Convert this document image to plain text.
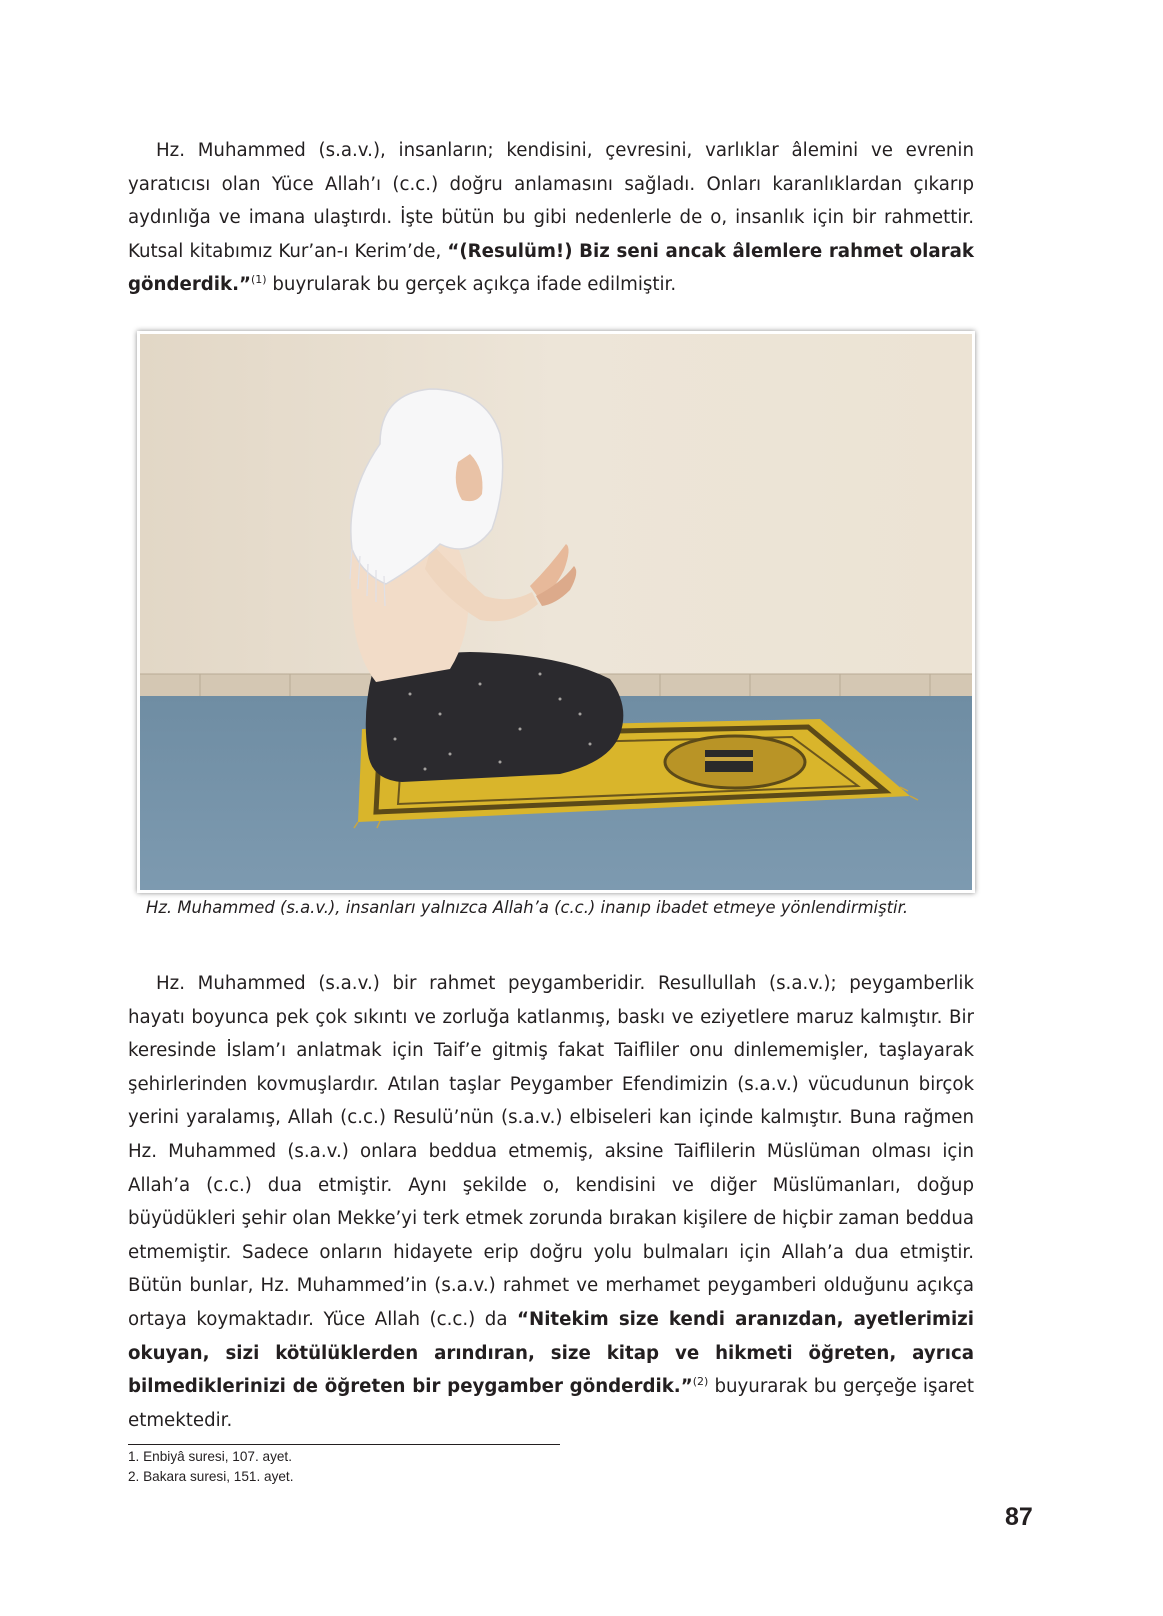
Hz. Muhammed (s.a.v.), insanların; kendisini, çevresini, varlıklar âlemini ve evrenin yaratıcısı olan Yüce Allah’ı (c.c.) doğru anlamasını sağladı. Onları karanlıklardan çıkarıp aydınlığa ve imana ulaştırdı. İşte bütün bu gibi nedenlerle de o, insanlık için bir rahmettir. Kutsal kitabımız Kur’an-ı Kerim’de, “(Resulüm!) Biz seni ancak âlemlere rahmet olarak gönderdik.”$^{(1)}$ buyrularak bu gerçek açıkça ifade edilmiştir.

Hz. Muhammed (s.a.v.), insanları yalnızca Allah’a (c.c.) inanıp ibadet etmeye yönlendirmiştir.

Hz. Muhammed (s.a.v.) bir rahmet peygamberidir. Resullullah (s.a.v.); peygamberlik hayatı boyunca pek çok sıkıntı ve zorluğa katlanmış, baskı ve eziyetlere maruz kalmıştır. Bir keresinde İslam’ı anlatmak için Taif’e gitmiş fakat Taifliler onu dinlememişler, taşlayarak şehirlerinden kovmuşlardır. Atılan taşlar Peygamber Efendimizin (s.a.v.) vücudunun birçok yerini yaralamış, Allah (c.c.) Resulü’nün (s.a.v.) elbiseleri kan içinde kalmıştır. Buna rağmen Hz. Muhammed (s.a.v.) onlara beddua etmemiş, aksine Taiflilerin Müslüman olması için Allah’a (c.c.) dua etmiştir. Aynı şekilde o, kendisini ve diğer Müslümanları, doğup büyüdükleri şehir olan Mekke’yi terk etmek zorunda bırakan kişilere de hiçbir zaman beddua etmemiştir. Sadece onların hidayete erip doğru yolu bulmaları için Allah’a dua etmiştir. Bütün bunlar, Hz. Muhammed’in (s.a.v.) rahmet ve merhamet peygamberi olduğunu açıkça ortaya koymaktadır. Yüce Allah (c.c.) da “Nitekim size kendi aranızdan, ayetlerimizi okuyan, sizi kötülüklerden arındıran, size kitap ve hikmeti öğreten, ayrıca bilmediklerinizi de öğreten bir peygamber gönderdik.”$^{(2)}$ buyurarak bu gerçeğe işaret etmektedir.

1. Enbiyâ suresi, 107. ayet.
2. Bakara suresi, 151. ayet.
87
